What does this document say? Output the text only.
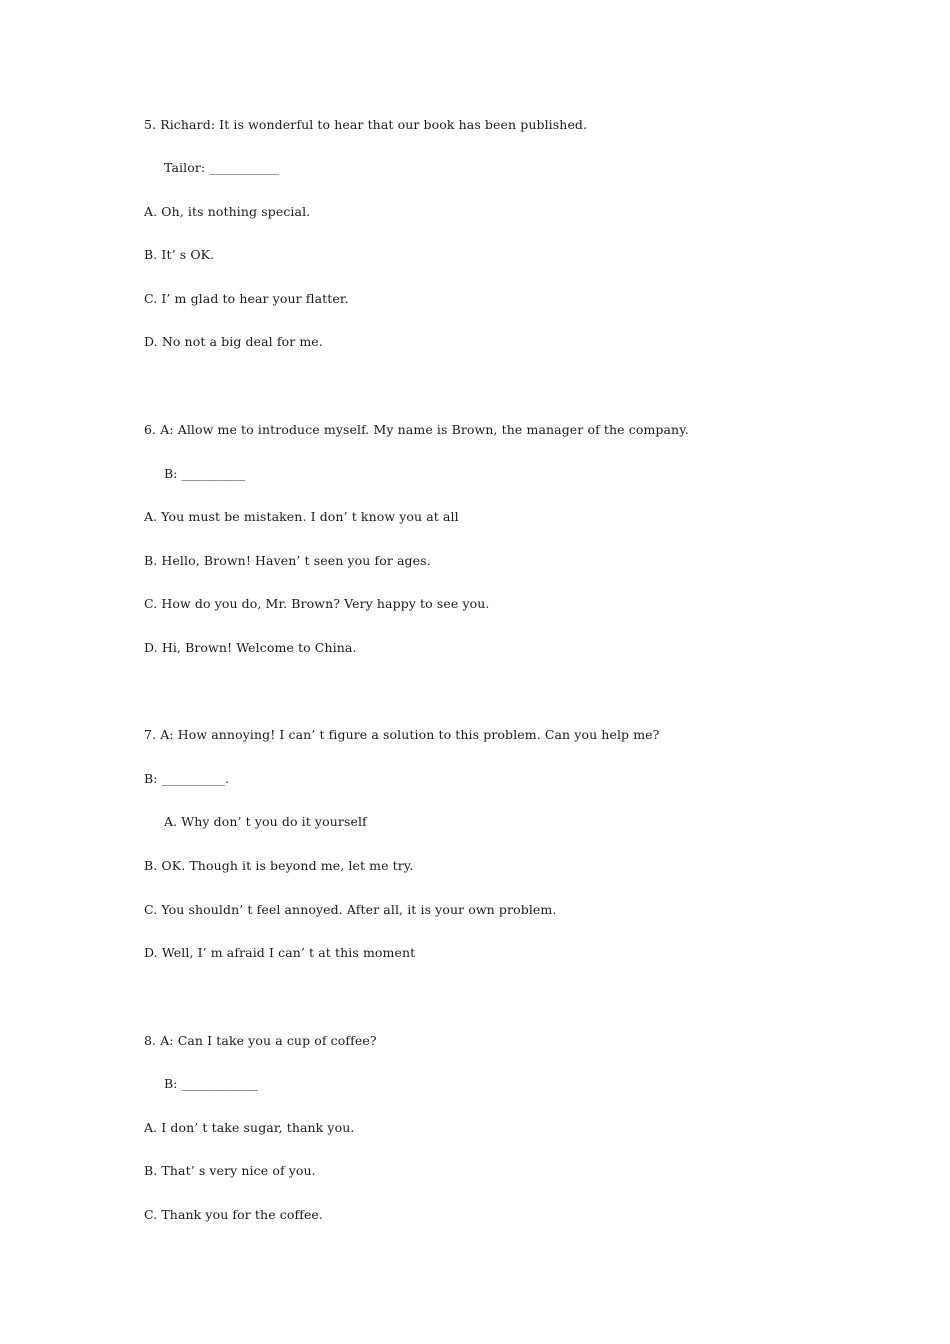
5. Richard: It is wonderful to hear that our book has been published.
Tailor: ___________
A. Oh, its nothing special.
B. It’ s OK.
C. I’ m glad to hear your flatter.
D. No not a big deal for me.
6. A: Allow me to introduce myself. My name is Brown, the manager of the company.
B: __________
A. You must be mistaken. I don’ t know you at all
B. Hello, Brown! Haven’ t seen you for ages.
C. How do you do, Mr. Brown? Very happy to see you.
D. Hi, Brown! Welcome to China.
7. A: How annoying! I can’ t figure a solution to this problem. Can you help me?
B: __________.
A. Why don’ t you do it yourself
B. OK. Though it is beyond me, let me try.
C. You shouldn’ t feel annoyed. After all, it is your own problem.
D. Well, I’ m afraid I can’ t at this moment
8. A: Can I take you a cup of coffee?
B: ____________
A. I don’ t take sugar, thank you.
B. That’ s very nice of you.
C. Thank you for the coffee.
